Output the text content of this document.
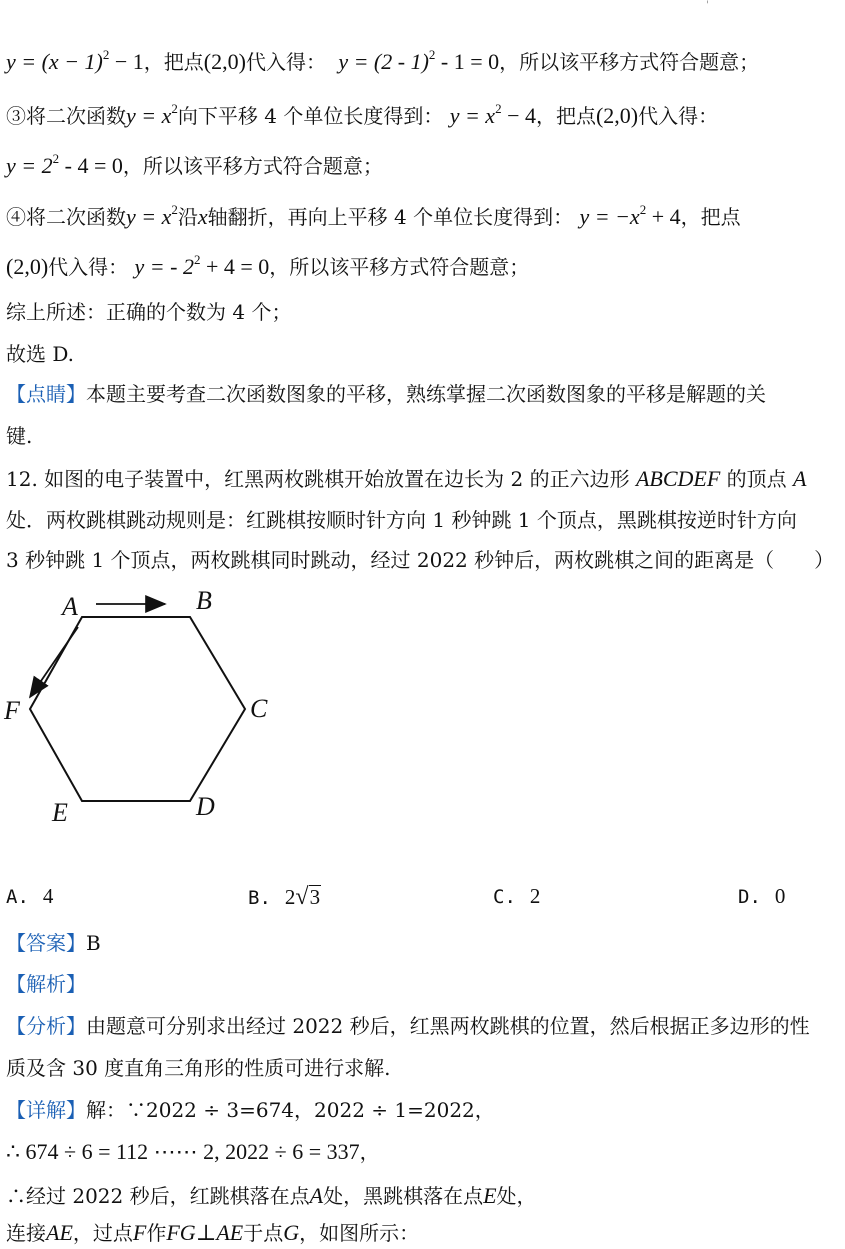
'
$y = (x - 1)^2 - 1$，把点(2,0)代入得： y = (2 - 1)$^2$ - 1 = 0，所以该平移方式符合题意；
③将二次函数$y = x^2$向下平移 4 个单位长度得到： $y = x^2 - 4$，把点(2,0)代入得：
$y = 2^2 - 4 = 0$，所以该平移方式符合题意；
④将二次函数$y = x^2$沿x轴翻折，再向上平移 4 个单位长度得到： $y = -x^2 + 4$，把点
(2,0)代入得： y = - $2^2 + 4 = 0$，所以该平移方式符合题意；
综上所述：正确的个数为 4 个；
故选 D.
【点睛】本题主要考查二次函数图象的平移，熟练掌握二次函数图象的平移是解题的关
键.
12. 如图的电子装置中，红黑两枚跳棋开始放置在边长为 2 的正六边形 ABCDEF 的顶点 A
处．两枚跳棋跳动规则是：红跳棋按顺时针方向 1 秒钟跳 1 个顶点，黑跳棋按逆时针方向
3 秒钟跳 1 个顶点，两枚跳棋同时跳动，经过 2022 秒钟后，两枚跳棋之间的距离是（　　）
A	B
C
D
E
F
A. 4	B. 2√3	C. 2	D. 0
【答案】B
【解析】
【分析】由题意可分别求出经过 2022 秒后，红黑两枚跳棋的位置，然后根据正多边形的性
质及含 30 度直角三角形的性质可进行求解.
【详解】解：∵2022 ÷ 3=674，2022 ÷ 1=2022，
∴ 674 ÷ 6 = 112 ⋯⋯ 2, 2022 ÷ 6 = 337，
∴经过 2022 秒后，红跳棋落在点A处，黑跳棋落在点E处，
连接AE，过点F作FG⊥AE于点G，如图所示：
